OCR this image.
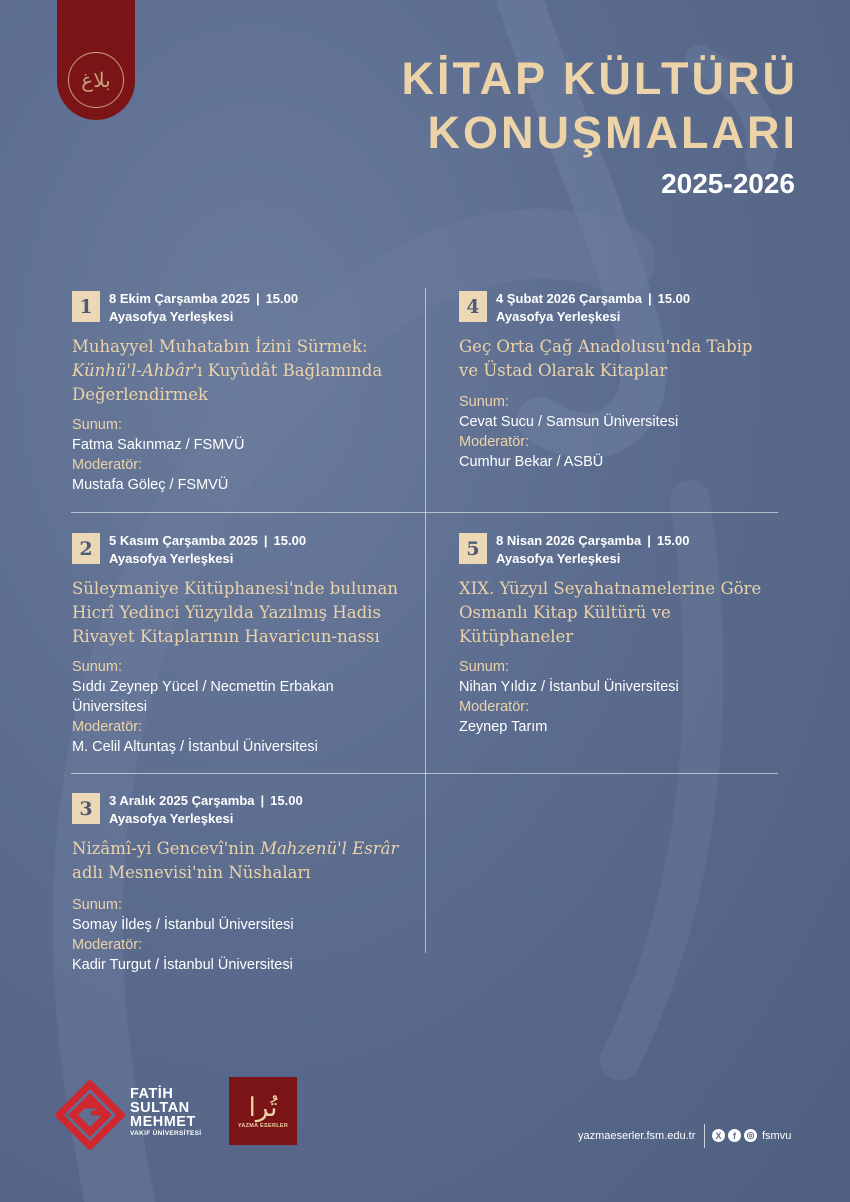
بلاغ	KİTAP KÜLTÜRÜ
KONUŞMALARI
2025-2026
1	8 Ekim Çarşamba 2025 | 15.00
Ayasofya Yerleşkesi
Muhayyel Muhatabın İzini Sürmek:
Künhü'l-Ahbâr'ı Kuyûdât Bağlamında
Değerlendirmek
Sunum:
Fatma Sakınmaz / FSMVÜ
Moderatör:
Mustafa Göleç / FSMVÜ
2	5 Kasım Çarşamba 2025 | 15.00
Ayasofya Yerleşkesi
Süleymaniye Kütüphanesi'nde bulunan
Hicrî Yedinci Yüzyılda Yazılmış Hadis
Rivayet Kitaplarının Havaricun-nassı
Sunum:
Sıddı Zeynep Yücel / Necmettin Erbakan
Üniversitesi
Moderatör:
M. Celil Altuntaş / İstanbul Üniversitesi
3	3 Aralık 2025 Çarşamba | 15.00
Ayasofya Yerleşkesi
Nizâmî-yi Gencevî'nin Mahzenü'l Esrâr
adlı Mesnevisi'nin Nüshaları
Sunum:
Somay İldeş / İstanbul Üniversitesi
Moderatör:
Kadir Turgut / İstanbul Üniversitesi
4	4 Şubat 2026 Çarşamba | 15.00
Ayasofya Yerleşkesi
Geç Orta Çağ Anadolusu'nda Tabip
ve Üstad Olarak Kitaplar
Sunum:
Cevat Sucu / Samsun Üniversitesi
Moderatör:
Cumhur Bekar / ASBÜ
5	8 Nisan 2026 Çarşamba | 15.00
Ayasofya Yerleşkesi
XIX. Yüzyıl Seyahatnamelerine Göre
Osmanlı Kitap Kültürü ve
Kütüphaneler
Sunum:
Nihan Yıldız / İstanbul Üniversitesi
Moderatör:
Zeynep Tarım
FATİH
SULTAN
MEHMET
VAKIF ÜNİVERSİTESİ
تُرا
YAZMA ESERLER
yazmaeserler.fsm.edu.tr	X	f	◎ fsmvu
